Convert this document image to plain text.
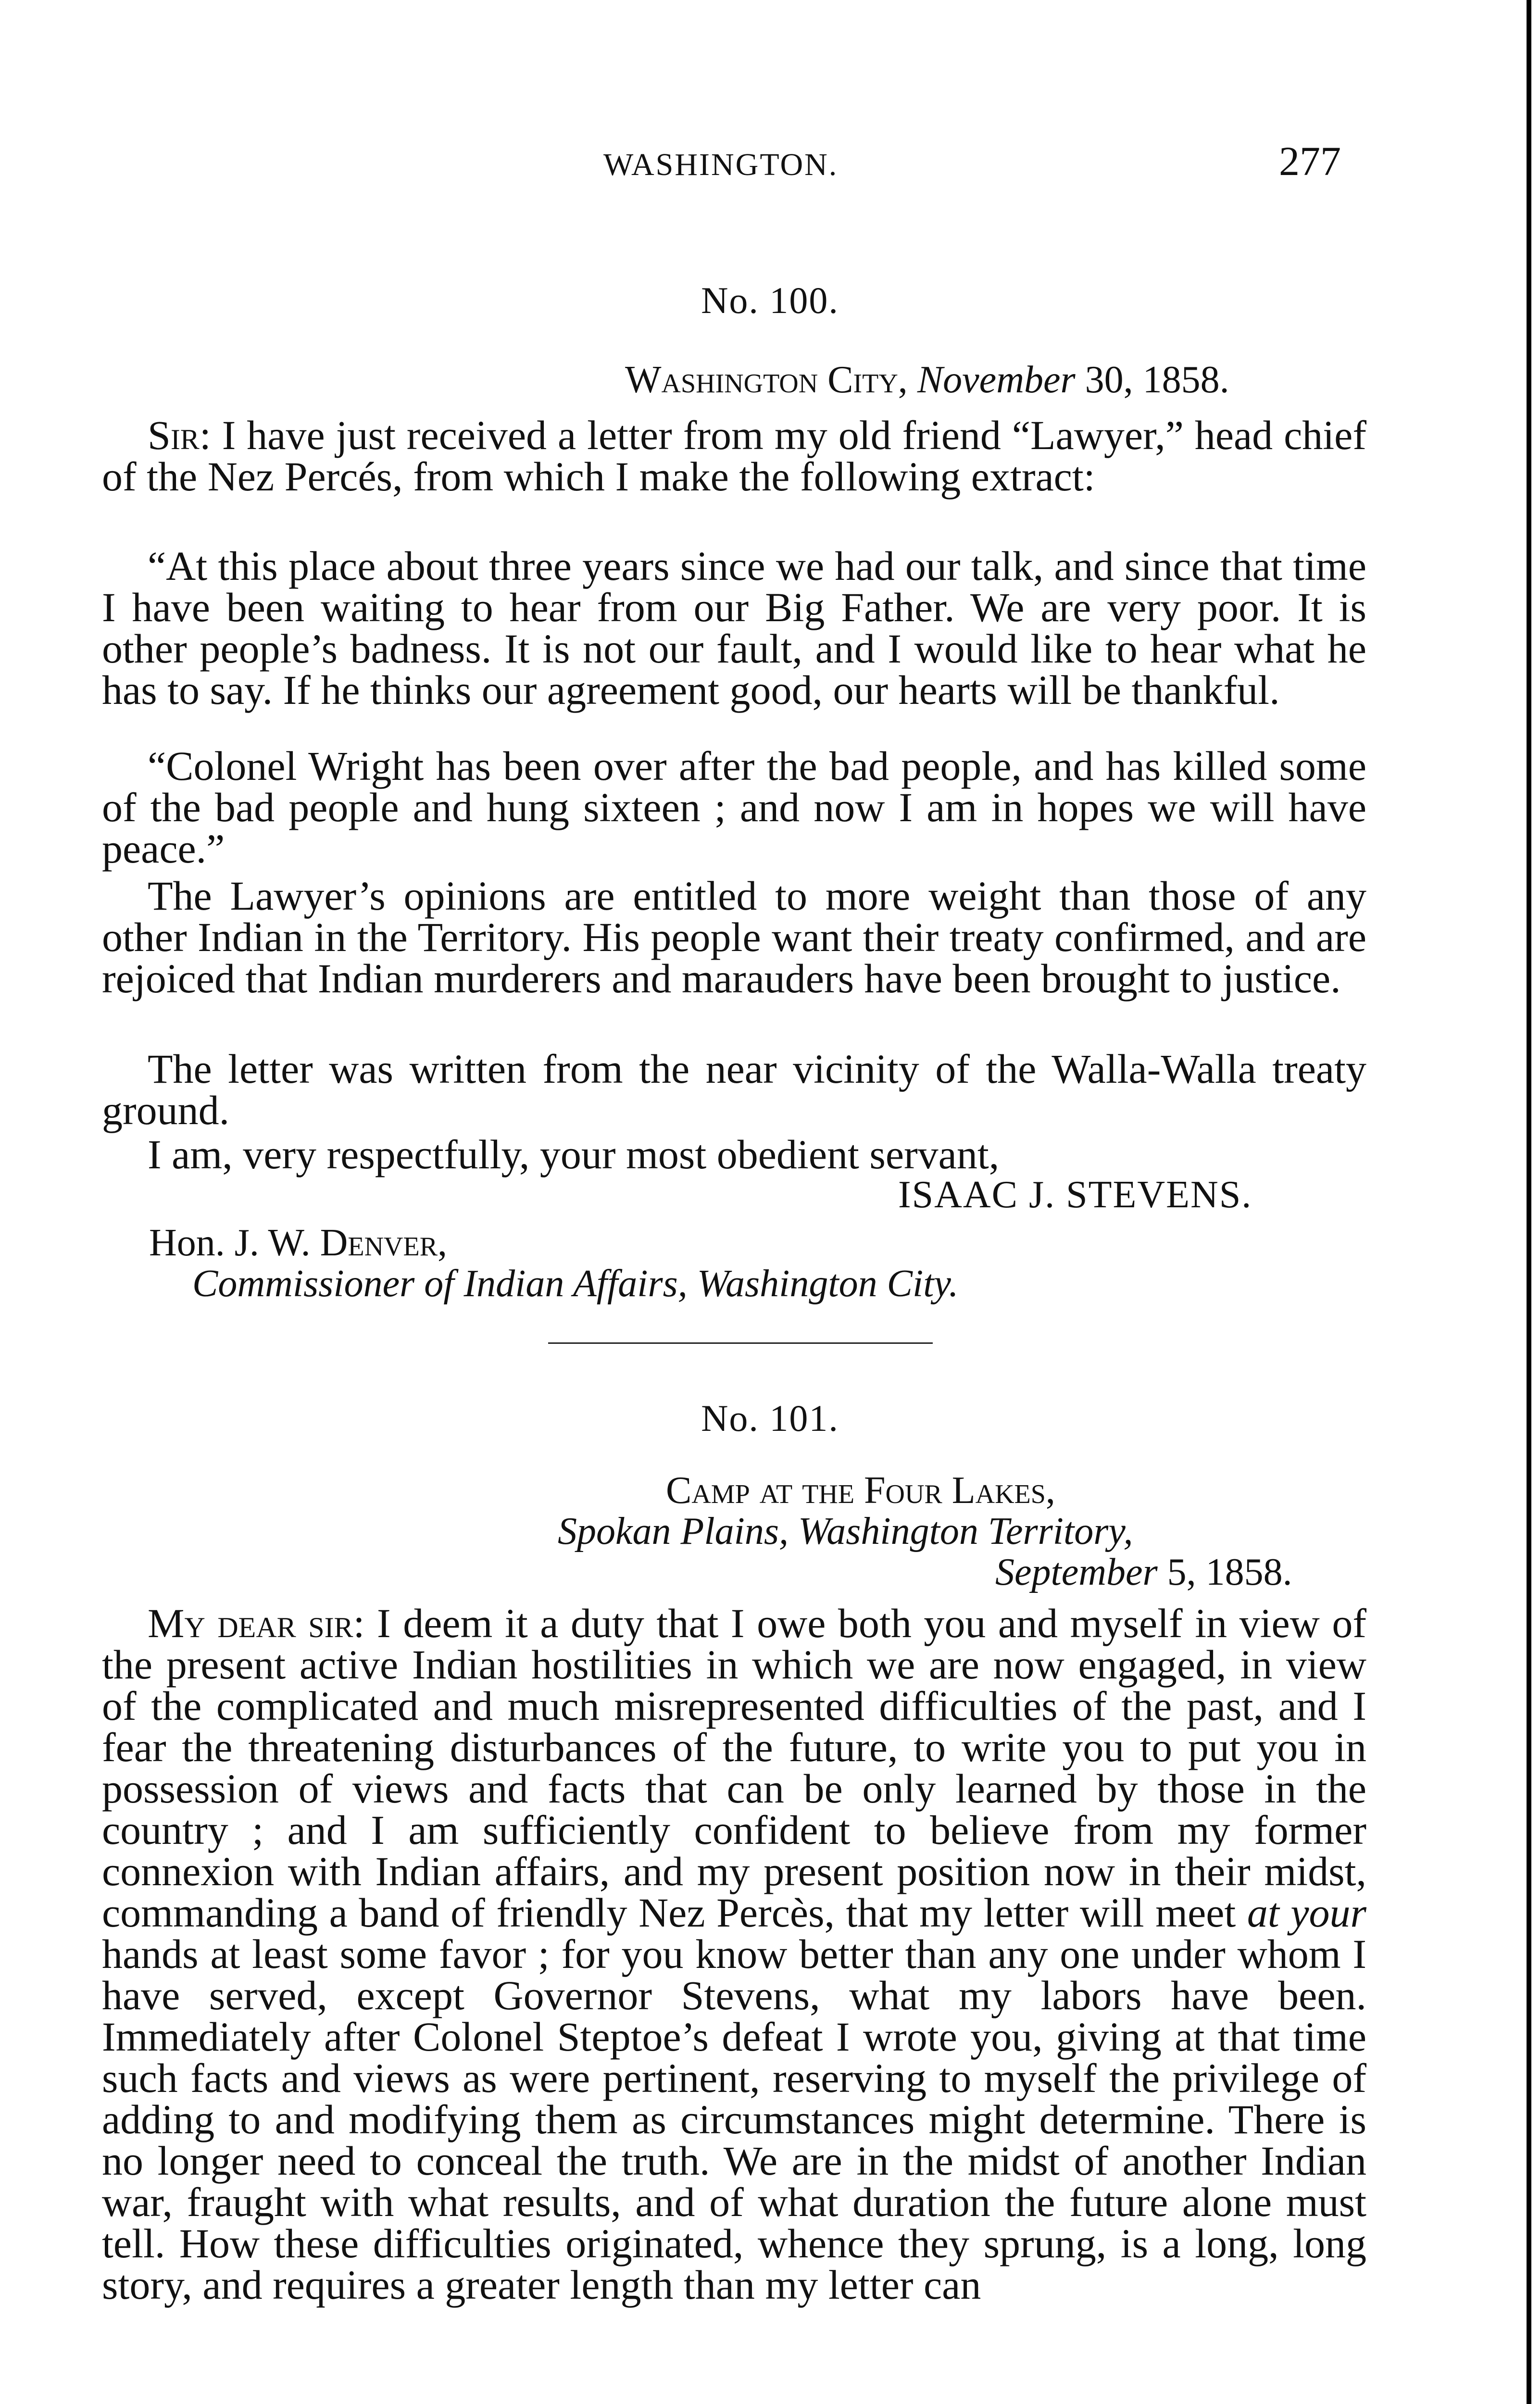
WASHINGTON.	277
No. 100.
Washington City, November 30, 1858.

Sir: I have just received a letter from my old friend “Lawyer,” head chief of the Nez Percés, from which I make the following extract:

“At this place about three years since we had our talk, and since that time I have been waiting to hear from our Big Father. We are very poor. It is other people’s badness. It is not our fault, and I would like to hear what he has to say. If he thinks our agreement good, our hearts will be thankful.

“Colonel Wright has been over after the bad people, and has killed some of the bad people and hung sixteen ; and now I am in hopes we will have peace.”

The Lawyer’s opinions are entitled to more weight than those of any other Indian in the Territory. His people want their treaty confirmed, and are rejoiced that Indian murderers and marauders have been brought to justice.

The letter was written from the near vicinity of the Walla-Walla treaty ground.

I am, very respectfully, your most obedient servant,

ISAAC J. STEVENS.
Hon. J. W. Denver,
Commissioner of Indian Affairs, Washington City.
No. 101.
Camp at the Four Lakes,
Spokan Plains, Washington Territory,
September 5, 1858.

My dear sir: I deem it a duty that I owe both you and myself in view of the present active Indian hostilities in which we are now engaged, in view of the complicated and much misrepresented difficulties of the past, and I fear the threatening disturbances of the future, to write you to put you in possession of views and facts that can be only learned by those in the country ; and I am sufficiently confident to believe from my former connexion with Indian affairs, and my present position now in their midst, commanding a band of friendly Nez Percès, that my letter will meet at your hands at least some favor ; for you know better than any one under whom I have served, except Governor Stevens, what my labors have been. Immediately after Colonel Steptoe’s defeat I wrote you, giving at that time such facts and views as were pertinent, reserving to myself the privilege of adding to and modifying them as circumstances might determine. There is no longer need to conceal the truth. We are in the midst of another Indian war, fraught with what results, and of what duration the future alone must tell. How these difficulties originated, whence they sprung, is a long, long story, and requires a greater length than my letter can
